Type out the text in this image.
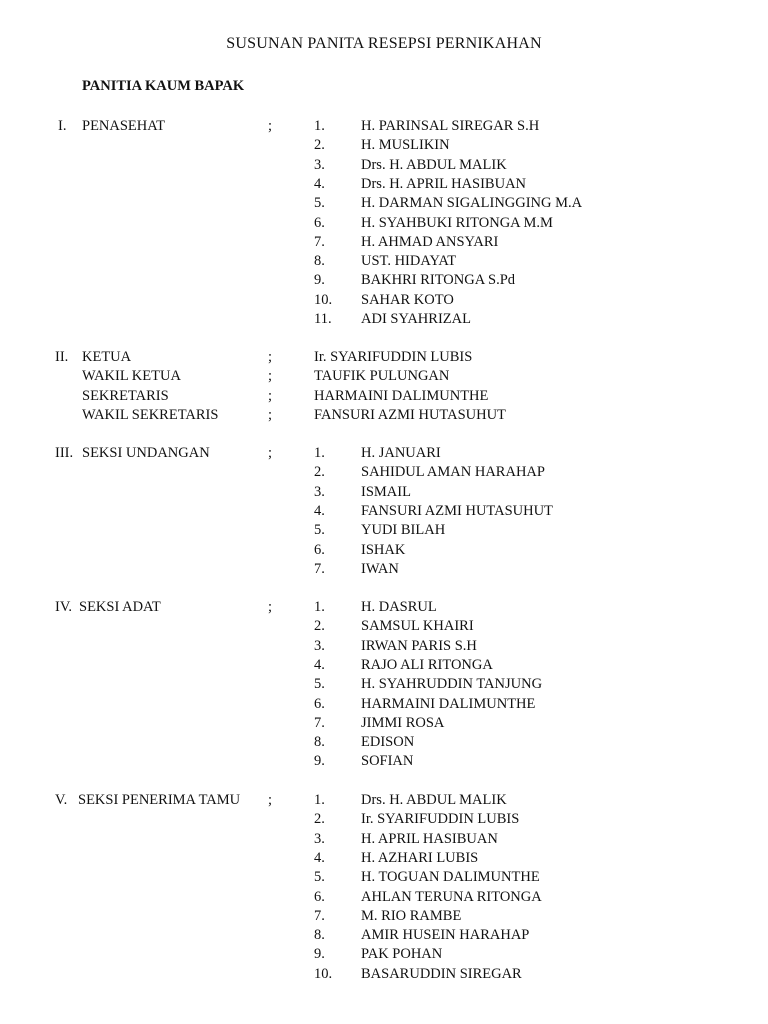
SUSUNAN PANITA RESEPSI PERNIKAHAN
PANITIA KAUM BAPAK
I. PENASEHAT	;	1. H. PARINSAL SIREGAR S.H
2. H. MUSLIKIN
3. Drs. H. ABDUL MALIK
4. Drs. H. APRIL HASIBUAN
5. H. DARMAN SIGALINGGING M.A
6. H. SYAHBUKI RITONGA M.M
7. H. AHMAD ANSYARI
8. UST. HIDAYAT
9. BAKHRI RITONGA S.Pd
10. SAHAR KOTO
11. ADI SYAHRIZAL
II. KETUA	;	Ir. SYARIFUDDIN LUBIS
WAKIL KETUA	;	TAUFIK PULUNGAN
SEKRETARIS	;	HARMAINI DALIMUNTHE
WAKIL SEKRETARIS	;	FANSURI AZMI HUTASUHUT
III. SEKSI UNDANGAN	;	1. H. JANUARI
2. SAHIDUL AMAN HARAHAP
3. ISMAIL
4. FANSURI AZMI HUTASUHUT
5. YUDI BILAH
6. ISHAK
7. IWAN
IV. SEKSI ADAT	;	1. H. DASRUL
2. SAMSUL KHAIRI
3. IRWAN PARIS S.H
4. RAJO ALI RITONGA
5. H. SYAHRUDDIN TANJUNG
6. HARMAINI DALIMUNTHE
7. JIMMI ROSA
8. EDISON
9. SOFIAN
V. SEKSI PENERIMA TAMU ;	1. Drs. H. ABDUL MALIK
2. Ir. SYARIFUDDIN LUBIS
3. H. APRIL HASIBUAN
4. H. AZHARI LUBIS
5. H. TOGUAN DALIMUNTHE
6. AHLAN TERUNA RITONGA
7. M. RIO RAMBE
8. AMIR HUSEIN HARAHAP
9. PAK POHAN
10. BASARUDDIN SIREGAR
